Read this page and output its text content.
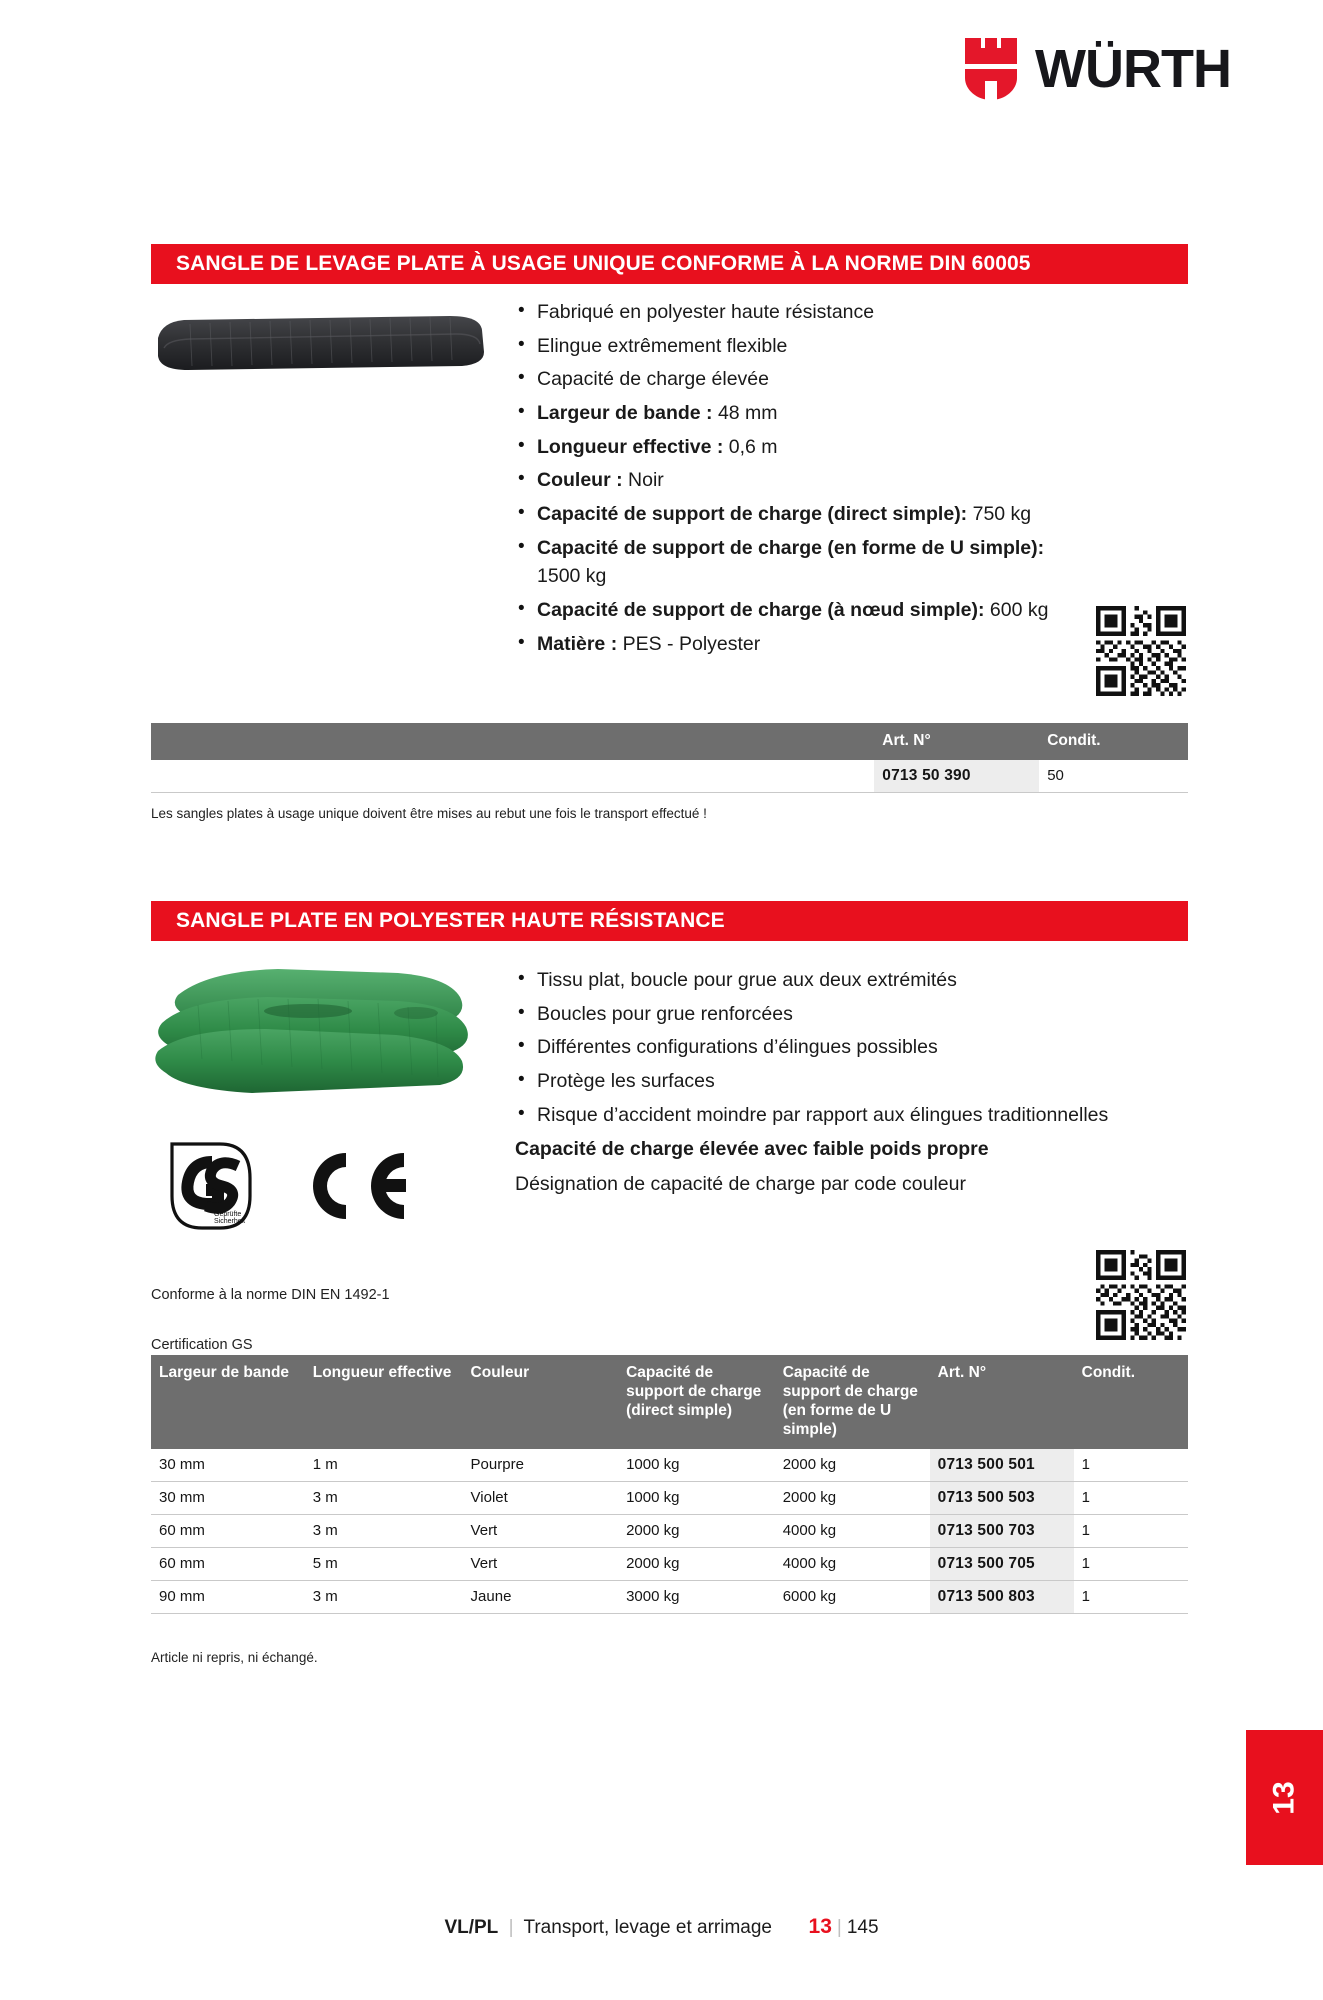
WÜRTH
SANGLE DE LEVAGE PLATE À USAGE UNIQUE CONFORME À LA NORME DIN 60005
• Fabriqué en polyester haute résistance
• Elingue extrêmement flexible
• Capacité de charge élevée
• Largeur de bande : 48 mm
• Longueur effective : 0,6 m
• Couleur : Noir
• Capacité de support de charge (direct simple): 750 kg
• Capacité de support de charge (en forme de U simple): 1500 kg
• Capacité de support de charge (à nœud simple): 600 kg
• Matière : PES - Polyester
	Art. N°	Condit.
	0713 50 390	50
Les sangles plates à usage unique doivent être mises au rebut une fois le transport effectué !
SANGLE PLATE EN POLYESTER HAUTE RÉSISTANCE
• Tissu plat, boucle pour grue aux deux extrémités
• Boucles pour grue renforcées
• Différentes configurations d’élingues possibles
• Protège les surfaces
• Risque d’accident moindre par rapport aux élingues traditionnelles
Capacité de charge élevée avec faible poids propre
Désignation de capacité de charge par code couleur
Geprüfte
Sicherheit
Conforme à la norme DIN EN 1492-1
Certification GS
Largeur de bande	Longueur effective	Couleur	Capacité de support de charge (direct simple)	Capacité de support de charge (en forme de U simple)	Art. N°	Condit.
30 mm	1 m	Pourpre	1000 kg	2000 kg	0713 500 501	1
30 mm	3 m	Violet	1000 kg	2000 kg	0713 500 503	1
60 mm	3 m	Vert	2000 kg	4000 kg	0713 500 703	1
60 mm	5 m	Vert	2000 kg	4000 kg	0713 500 705	1
90 mm	3 m	Jaune	3000 kg	6000 kg	0713 500 803	1
Article ni repris, ni échangé.
13
VL/PL | Transport, levage et arrimage 13 | 145
